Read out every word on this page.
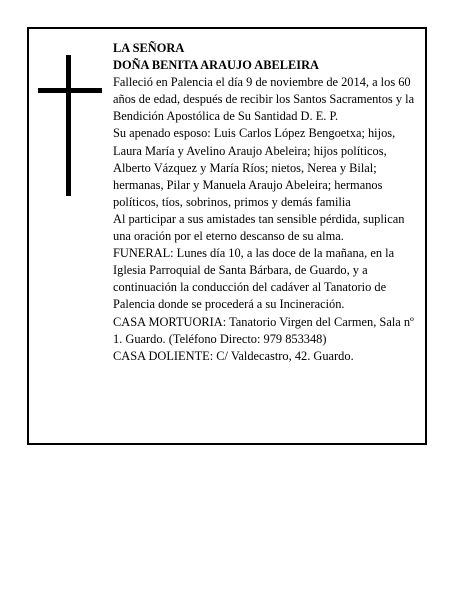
LA SEÑORA

DOÑA BENITA ARAUJO ABELEIRA

Falleció en Palencia el día 9 de noviembre de 2014, a los 60 años de edad, después de recibir los Santos Sacramentos y la Bendición Apostólica de Su Santidad D. E. P.

Su apenado esposo: Luis Carlos López Bengoetxa; hijos, Laura María y Avelino Araujo Abeleira; hijos políticos, Alberto Vázquez y María Ríos; nietos, Nerea y Bilal; hermanas, Pilar y Manuela Araujo Abeleira; hermanos políticos, tíos, sobrinos, primos y demás familia

Al participar a sus amistades tan sensible pérdida, suplican una oración por el eterno descanso de su alma.

FUNERAL: Lunes día 10, a las doce de la mañana, en la Iglesia Parroquial de Santa Bárbara, de Guardo, y a continuación la conducción del cadáver al Tanatorio de Palencia donde se procederá a su Incineración.

CASA MORTUORIA: Tanatorio Virgen del Carmen, Sala nº 1. Guardo. (Teléfono Directo: 979 853348)

CASA DOLIENTE: C/ Valdecastro, 42. Guardo.
